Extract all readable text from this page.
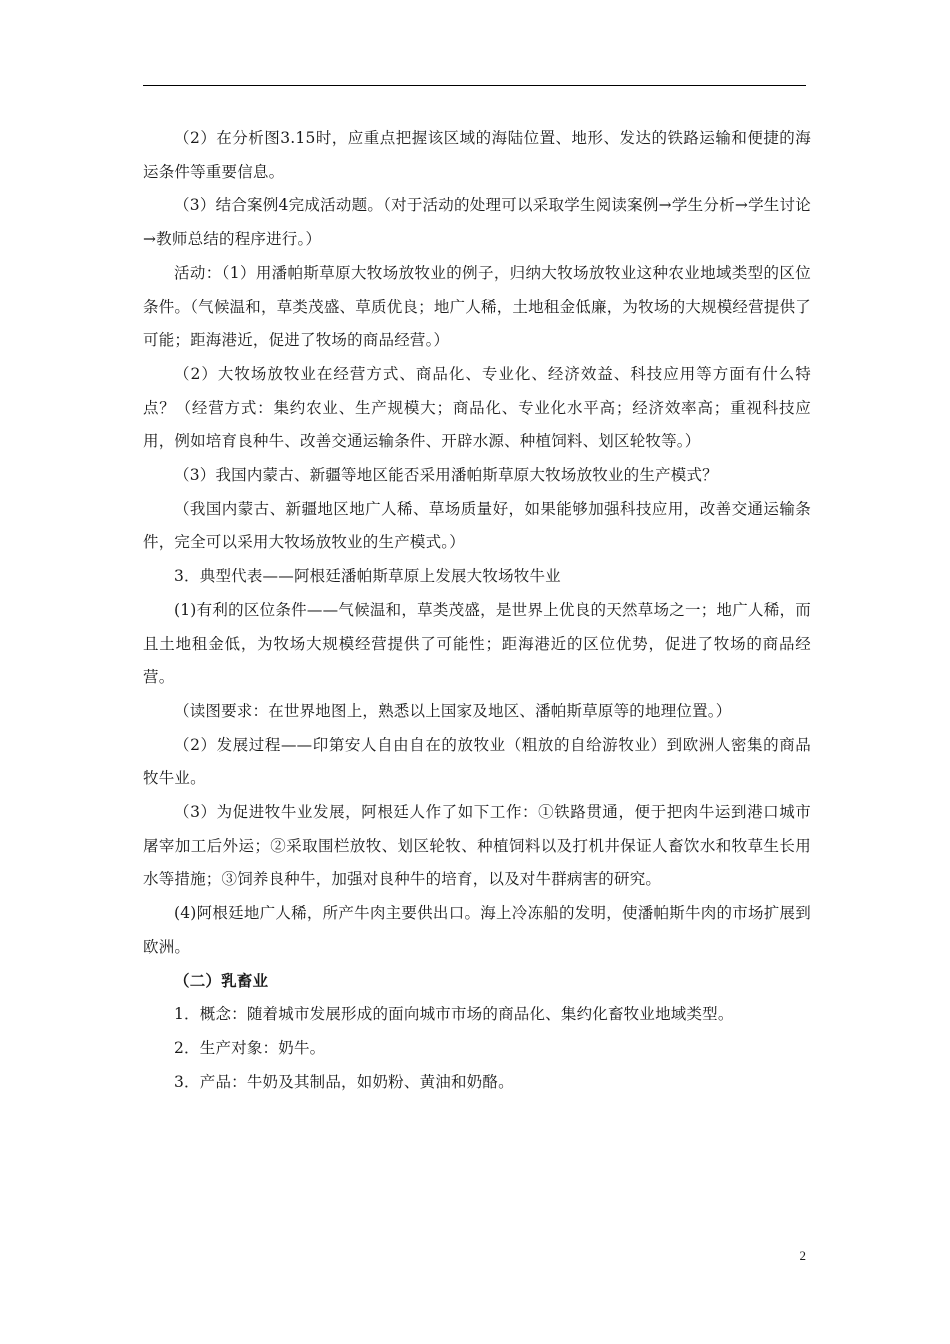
（2）在分析图3.15时，应重点把握该区域的海陆位置、地形、发达的铁路运输和便捷的海运条件等重要信息。

（3）结合案例4完成活动题。（对于活动的处理可以采取学生阅读案例→学生分析→学生讨论→教师总结的程序进行。）

活动：（1）用潘帕斯草原大牧场放牧业的例子，归纳大牧场放牧业这种农业地域类型的区位条件。（气候温和，草类茂盛、草质优良；地广人稀，土地租金低廉，为牧场的大规模经营提供了可能；距海港近，促进了牧场的商品经营。）

（2）大牧场放牧业在经营方式、商品化、专业化、经济效益、科技应用等方面有什么特点？（经营方式：集约农业、生产规模大；商品化、专业化水平高；经济效率高；重视科技应用，例如培育良种牛、改善交通运输条件、开辟水源、种植饲料、划区轮牧等。）

（3）我国内蒙古、新疆等地区能否采用潘帕斯草原大牧场放牧业的生产模式？

（我国内蒙古、新疆地区地广人稀、草场质量好，如果能够加强科技应用，改善交通运输条件，完全可以采用大牧场放牧业的生产模式。）

3．典型代表——阿根廷潘帕斯草原上发展大牧场牧牛业

(1)有利的区位条件——气候温和，草类茂盛，是世界上优良的天然草场之一；地广人稀，而且土地租金低，为牧场大规模经营提供了可能性；距海港近的区位优势，促进了牧场的商品经营。

（读图要求：在世界地图上，熟悉以上国家及地区、潘帕斯草原等的地理位置。）

（2）发展过程——印第安人自由自在的放牧业（粗放的自给游牧业）到欧洲人密集的商品牧牛业。

（3）为促进牧牛业发展，阿根廷人作了如下工作：①铁路贯通，便于把肉牛运到港口城市屠宰加工后外运；②采取围栏放牧、划区轮牧、种植饲料以及打机井保证人畜饮水和牧草生长用水等措施；③饲养良种牛，加强对良种牛的培育，以及对牛群病害的研究。

(4)阿根廷地广人稀，所产牛肉主要供出口。海上冷冻船的发明，使潘帕斯牛肉的市场扩展到欧洲。

（二）乳畜业

1．概念：随着城市发展形成的面向城市市场的商品化、集约化畜牧业地域类型。

2．生产对象：奶牛。

3．产品：牛奶及其制品，如奶粉、黄油和奶酪。

2
